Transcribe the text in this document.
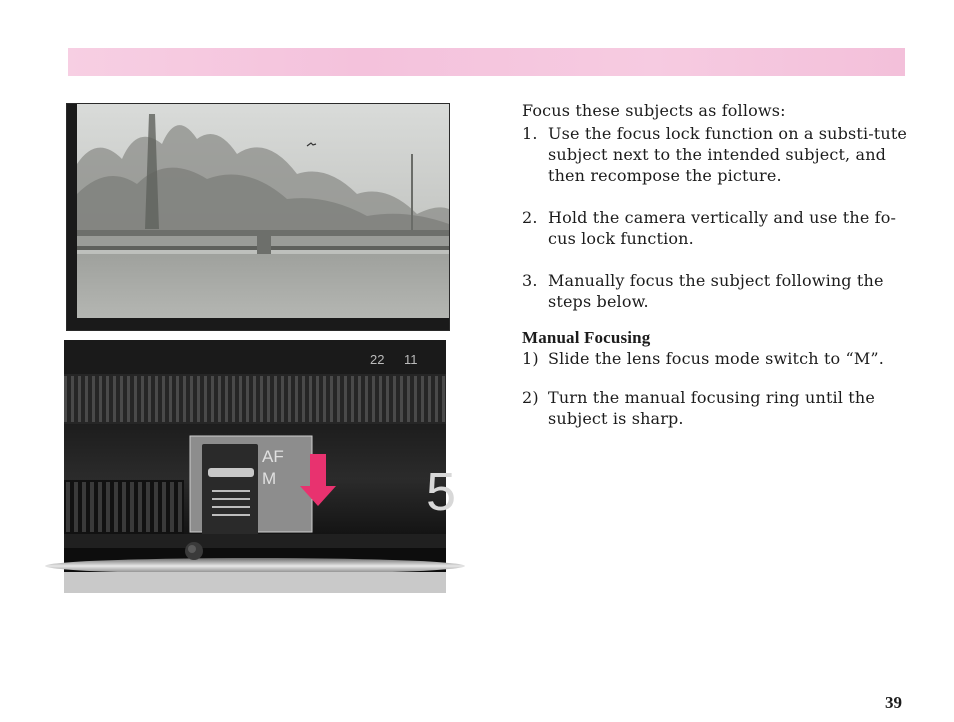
22 11
AF
M	5

Focus these subjects as follows:

1. Use the focus lock function on a substi-tute subject next to the intended subject, and then recompose the picture.
2. Hold the camera vertically and use the fo-cus lock function.
3. Manually focus the subject following the steps below.

Manual Focusing

1) Slide the lens focus mode switch to “M”.
2) Turn the manual focusing ring until the subject is sharp.
39
